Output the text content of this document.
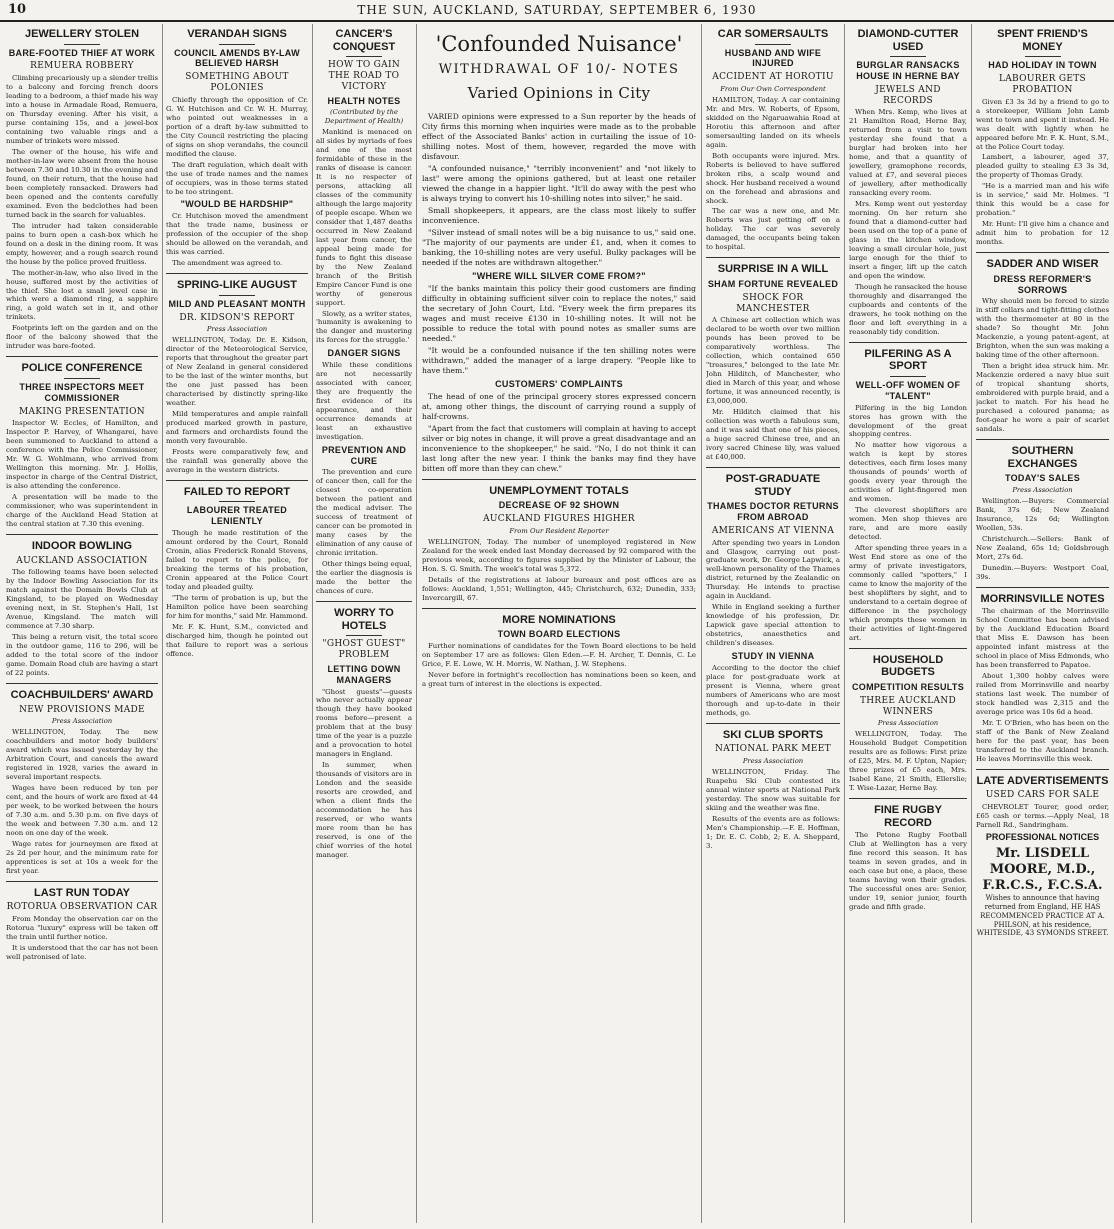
10	THE SUN, AUCKLAND, SATURDAY, SEPTEMBER 6, 1930
JEWELLERY STOLEN
BARE-FOOTED THIEF AT WORK
REMUERA ROBBERY

Climbing precariously up a slender trellis to a balcony and forcing french doors leading to a bedroom, a thief made his way into a house in Armadale Road, Remuera, on Thursday evening. After his visit, a purse containing 15s, and a jewel-box containing two valuable rings and a number of trinkets were missed.

The owner of the house, his wife and mother-in-law were absent from the house between 7.30 and 10.30 in the evening and found, on their return, that the house had been completely ransacked. Drawers had been opened and the contents carefully examined. Even the bedclothes had been turned back in the search for valuables.

The intruder had taken considerable pains to burn open a cash-box which he found on a desk in the dining room. It was empty, however, and a rough search round the house by the police proved fruitless.

The mother-in-law, who also lived in the house, suffered most by the activities of the thief. She lost a small jewel case in which were a diamond ring, a sapphire ring, a gold watch set in it, and other trinkets.

Footprints left on the garden and on the floor of the balcony showed that the intruder was bare-footed.

POLICE CONFERENCE
THREE INSPECTORS MEET COMMISSIONER
MAKING PRESENTATION

Inspector W. Eccles, of Hamilton, and Inspector P. Harvey, of Whangarei, have been summoned to Auckland to attend a conference with the Police Commissioner, Mr. W. G. Wohlmann, who arrived from Wellington this morning. Mr. J. Hollis, inspector in charge of the Central District, is also attending the conference.

A presentation will be made to the commissioner, who was superintendent in charge of the Auckland Head Station at the central station at 7.30 this evening.

INDOOR BOWLING
AUCKLAND ASSOCIATION

The following teams have been selected by the Indoor Bowling Association for its match against the Domain Bowls Club at Kingsland, to be played on Wednesday evening next, in St. Stephen's Hall, 1st Avenue, Kingsland. The match will commence at 7.30 sharp.

This being a return visit, the total score in the outdoor game, 116 to 296, will be added to the total score of the indoor game. Domain Road club are having a start of 22 points.

COACHBUILDERS' AWARD
NEW PROVISIONS MADE
Press Association

WELLINGTON, Today. The new coachbuilders and motor body builders' award which was issued yesterday by the Arbitration Court, and cancels the award registered in 1928, varies the award in several important respects.

Wages have been reduced by ten per cent, and the hours of work are fixed at 44 per week, to be worked between the hours of 7.30 a.m. and 5.30 p.m. on five days of the week and between 7.30 a.m. and 12 noon on one day of the week.

Wage rates for journeymen are fixed at 2s 2d per hour, and the minimum rate for apprentices is set at 10s a week for the first year.

LAST RUN TODAY
ROTORUA OBSERVATION CAR

From Monday the observation car on the Rotorua "luxury" express will be taken off the train until further notice.

It is understood that the car has not been well patronised of late.

VERANDAH SIGNS
COUNCIL AMENDS BY-LAW BELIEVED HARSH
SOMETHING ABOUT POLONIES

Chiefly through the opposition of Cr. G. W. Hutchison and Cr. W. H. Murray, who pointed out weaknesses in a portion of a draft by-law submitted to the City Council restricting the placing of signs on shop verandahs, the council modified the clause.

The draft regulation, which dealt with the use of trade names and the names of occupiers, was in those terms stated to be too stringent.

"WOULD BE HARDSHIP"

Cr. Hutchison moved the amendment that the trade name, business or profession of the occupier of the shop should be allowed on the verandah, and this was carried.

The amendment was agreed to.

SPRING-LIKE AUGUST
MILD AND PLEASANT MONTH
DR. KIDSON'S REPORT
Press Association

WELLINGTON, Today. Dr. E. Kidson, director of the Meteorological Service, reports that throughout the greater part of New Zealand in general considered to be the last of the winter months, but the one just passed has been characterised by distinctly spring-like weather.

Mild temperatures and ample rainfall produced marked growth in pasture, and farmers and orchardists found the month very favourable.

Frosts were comparatively few, and the rainfall was generally above the average in the western districts.

FAILED TO REPORT
LABOURER TREATED LENIENTLY

Though he made restitution of the amount ordered by the Court, Ronald Cronin, alias Frederick Ronald Stevens, failed to report to the police, for breaking the terms of his probation, Cronin appeared at the Police Court today and pleaded guilty.

"The term of probation is up, but the Hamilton police have been searching for him for months," said Mr. Hammond.

Mr. F. K. Hunt, S.M., convicted and discharged him, though he pointed out that failure to report was a serious offence.

CANCER'S CONQUEST
HOW TO GAIN THE ROAD TO VICTORY
HEALTH NOTES
(Contributed by the Department of Health)

Mankind is menaced on all sides by myriads of foes and one of the most formidable of these in the ranks of disease is cancer. It is no respecter of persons, attacking all classes of the community although the large majority of people escape. When we consider that 1,487 deaths occurred in New Zealand last year from cancer, the appeal being made for funds to fight this disease by the New Zealand branch of the British Empire Cancer Fund is one worthy of generous support.

Slowly, as a writer states, 'humanity is awakening to the danger and mustering its forces for the struggle.'

DANGER SIGNS

While these conditions are not necessarily associated with cancer, they are frequently the first evidence of its appearance, and their occurrence demands at least an exhaustive investigation.

PREVENTION AND CURE

The prevention and cure of cancer then, call for the closest co-operation between the patient and the medical adviser. The success of treatment of cancer can be promoted in many cases by the elimination of any cause of chronic irritation.

Other things being equal, the earlier the diagnosis is made the better the chances of cure.

WORRY TO HOTELS
"GHOST GUEST" PROBLEM
LETTING DOWN MANAGERS

"Ghost guests"—guests who never actually appear though they have booked rooms before—present a problem that at the busy time of the year is a puzzle and a provocation to hotel managers in England.

In summer, when thousands of visitors are in London and the seaside resorts are crowded, and when a client finds the accommodation he has reserved, or who wants more room than he has reserved, is one of the chief worries of the hotel manager.

'Confounded Nuisance'
WITHDRAWAL OF 10/- NOTES
Varied Opinions in City

VARIED opinions were expressed to a Sun reporter by the heads of City firms this morning when inquiries were made as to the probable effect of the Associated Banks' action in curtailing the issue of 10-shilling notes. Most of them, however, regarded the move with disfavour.

"A confounded nuisance," "terribly inconvenient" and "not likely to last" were among the opinions gathered, but at least one retailer viewed the change in a happier light. "It'll do away with the pest who is always trying to convert his 10-shilling notes into silver," he said.

Small shopkeepers, it appears, are the class most likely to suffer inconvenience.

"Silver instead of small notes will be a big nuisance to us," said one. "The majority of our payments are under £1, and, when it comes to banking, the 10-shilling notes are very useful. Bulky packages will be needed if the notes are withdrawn altogether."

"WHERE WILL SILVER COME FROM?"

"If the banks maintain this policy their good customers are finding difficulty in obtaining sufficient silver coin to replace the notes," said the secretary of John Court, Ltd. "Every week the firm prepares its wages and must receive £130 in 10-shilling notes. It will not be possible to reduce the total with pound notes as smaller sums are needed."

"It would be a confounded nuisance if the ten shilling notes were withdrawn," added the manager of a large drapery. "People like to have them."

CUSTOMERS' COMPLAINTS

The head of one of the principal grocery stores expressed concern at, among other things, the discount of carrying round a supply of half-crowns.

"Apart from the fact that customers will complain at having to accept silver or big notes in change, it will prove a great disadvantage and an inconvenience to the shopkeeper," he said. "No, I do not think it can last long after the new year. I think the banks may find they have bitten off more than they can chew."

UNEMPLOYMENT TOTALS
DECREASE OF 92 SHOWN
AUCKLAND FIGURES HIGHER
From Our Resident Reporter

WELLINGTON, Today. The number of unemployed registered in New Zealand for the week ended last Monday decreased by 92 compared with the previous week, according to figures supplied by the Minister of Labour, the Hon. S. G. Smith. The week's total was 5,372.

Details of the registrations at labour bureaux and post offices are as follows: Auckland, 1,551; Wellington, 445; Christchurch, 632; Dunedin, 333; Invercargill, 67.

MORE NOMINATIONS
TOWN BOARD ELECTIONS

Further nominations of candidates for the Town Board elections to be held on September 17 are as follows: Glen Eden.—F. H. Archer, T. Dennis, C. Le Grice, F. E. Lowe, W. H. Morris, W. Nathan, J. W. Stephens.

Never before in fortnight's recollection has nominations been so keen, and a great turn of interest in the elections is expected.

CAR SOMERSAULTS
HUSBAND AND WIFE INJURED
ACCIDENT AT HOROTIU
From Our Own Correspondent

HAMILTON, Today. A car containing Mr. and Mrs. W. Roberts, of Epsom, skidded on the Ngaruawahia Road at Horotiu this afternoon and after somersaulting landed on its wheels again.

Both occupants were injured. Mrs. Roberts is believed to have suffered broken ribs, a scalp wound and shock. Her husband received a wound on the forehead and abrasions and shock.

The car was a new one, and Mr. Roberts was just getting off on a holiday. The car was severely damaged, the occupants being taken to hospital.

SURPRISE IN A WILL
SHAM FORTUNE REVEALED
SHOCK FOR MANCHESTER

A Chinese art collection which was declared to be worth over two million pounds has been proved to be comparatively worthless. The collection, which contained 650 "treasures," belonged to the late Mr. John Hilditch, of Manchester, who died in March of this year, and whose fortune, it was announced recently, is £3,000,000.

Mr. Hilditch claimed that his collection was worth a fabulous sum, and it was said that one of his pieces, a huge sacred Chinese tree, and an ivory sacred Chinese lily, was valued at £40,000.

POST-GRADUATE STUDY
THAMES DOCTOR RETURNS FROM ABROAD
AMERICANS AT VIENNA

After spending two years in London and Glasgow, carrying out post-graduate work, Dr. George Lapwick, a well-known personality of the Thames district, returned by the Zealandic on Thursday. He intends to practise again in Auckland.

While in England seeking a further knowledge of his profession, Dr. Lapwick gave special attention to obstetrics, anaesthetics and children's diseases.

STUDY IN VIENNA

According to the doctor the chief place for post-graduate work at present is Vienna, where great numbers of Americans who are most thorough and up-to-date in their methods, go.

SKI CLUB SPORTS
NATIONAL PARK MEET
Press Association

WELLINGTON, Friday. The Ruapehu Ski Club contested its annual winter sports at National Park yesterday. The snow was suitable for skiing and the weather was fine.

Results of the events are as follows: Men's Championship.—F. E. Hoffman, 1; Dr. E. C. Cobb, 2; E. A. Sheppard, 3.

DIAMOND-CUTTER USED
BURGLAR RANSACKS HOUSE IN HERNE BAY
JEWELS AND RECORDS

When Mrs. Kemp, who lives at 21 Hamilton Road, Herne Bay, returned from a visit to town yesterday she found that a burglar had broken into her home, and that a quantity of jewellery, gramophone records, valued at £7, and several pieces of jewellery, after methodically ransacking every room.

Mrs. Kemp went out yesterday morning. On her return she found that a diamond-cutter had been used on the top of a pane of glass in the kitchen window, leaving a small circular hole, just large enough for the thief to insert a finger, lift up the catch and open the window.

Though he ransacked the house thoroughly and disarranged the cupboards and contents of the drawers, he took nothing on the floor and left everything in a reasonably tidy condition.

PILFERING AS A SPORT
WELL-OFF WOMEN OF "TALENT"

Pilfering in the big London stores has grown with the development of the great shopping centres.

No matter how vigorous a watch is kept by stores detectives, each firm loses many thousands of pounds' worth of goods every year through the activities of light-fingered men and women.

The cleverest shoplifters are women. Men shop thieves are rare, and are more easily detected.

After spending three years in a West End store as one of the army of private investigators, commonly called "spotters," I came to know the majority of the best shoplifters by sight, and to understand to a certain degree of difference in the psychology which prompts these women in their activities of light-fingered art.

HOUSEHOLD BUDGETS
COMPETITION RESULTS
THREE AUCKLAND WINNERS
Press Association

WELLINGTON, Today. The Household Budget Competition results are as follows: First prize of £25, Mrs. M. F. Upton, Napier; three prizes of £5 each, Mrs. Isabel Kane, 21 Smith, Ellerslie; T. Wise-Lazar, Herne Bay.

FINE RUGBY RECORD

The Petone Rugby Football Club at Wellington has a very fine record this season. It has teams in seven grades, and in each case but one, a place, these teams having won their grades. The successful ones are: Senior, under 19, senior junior, fourth grade and fifth grade.

SPENT FRIEND'S MONEY
HAD HOLIDAY IN TOWN
LABOURER GETS PROBATION

Given £3 3s 3d by a friend to go to a storekeeper, William John Lamb went to town and spent it instead. He was dealt with lightly when he appeared before Mr. F. K. Hunt, S.M., at the Police Court today.

Lambert, a labourer, aged 37, pleaded guilty to stealing £3 3s 3d, the property of Thomas Grady.

"He is a married man and his wife is in service," said Mr. Holmes. "I think this would be a case for probation."

Mr. Hunt: I'll give him a chance and admit him to probation for 12 months.

SADDER AND WISER
DRESS REFORMER'S SORROWS

Why should men be forced to sizzle in stiff collars and tight-fitting clothes with the thermometer at 80 in the shade? So thought Mr. John Mackenzie, a young patent-agent, at Brighton, when the sun was making a baking time of the other afternoon.

Then a bright idea struck him. Mr. Mackenzie ordered a navy blue suit of tropical shantung shorts, embroidered with purple braid, and a jacket to match. For his head he purchased a coloured panama; as foot-gear he wore a pair of scarlet sandals.

SOUTHERN EXCHANGES
TODAY'S SALES
Press Association

Wellington.—Buyers: Commercial Bank, 37s 6d; New Zealand Insurance, 12s 6d; Wellington Woollen, 53s.

Christchurch.—Sellers: Bank of New Zealand, 65s 1d; Goldsbrough Mort, 27s 6d.

Dunedin.—Buyers: Westport Coal, 39s.

MORRINSVILLE NOTES

The chairman of the Morrinsville School Committee has been advised by the Auckland Education Board that Miss E. Dawson has been appointed infant mistress at the school in place of Miss Edmonds, who has been transferred to Papatoe.

About 1,300 hobby calves were railed from Morrinsville and nearby stations last week. The number of stock handled was 2,315 and the average price was 10s 6d a head.

Mr. T. O'Brien, who has been on the staff of the Bank of New Zealand here for the past year, has been transferred to the Auckland branch. He leaves Morrinsville this week.

LATE ADVERTISEMENTS
USED CARS FOR SALE

CHEVROLET Tourer, good order, £65 cash or terms.—Apply Neal, 18 Parnell Rd., Sandringham.

PROFESSIONAL NOTICES
Mr. LISDELL MOORE, M.D., F.R.C.S., F.C.S.A.
Wishes to announce that having returned from England, HE HAS RECOMMENCED PRACTICE AT A. PHILSON, at his residence,
WHITESIDE, 43 SYMONDS STREET.
